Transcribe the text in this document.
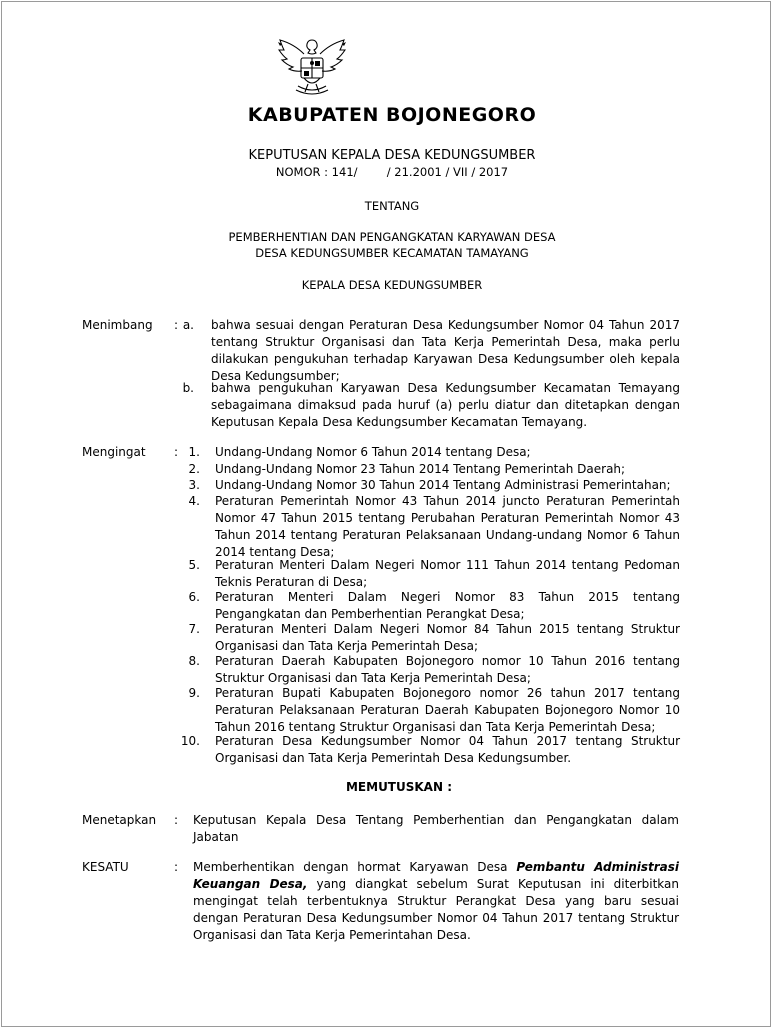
KABUPATEN BOJONEGORO
KEPUTUSAN KEPALA DESA KEDUNGSUMBER
NOMOR : 141/        / 21.2001 / VII / 2017
TENTANG
PEMBERHENTIAN DAN PENGANGKATAN KARYAWAN DESA
DESA KEDUNGSUMBER KECAMATAN TAMAYANG
KEPALA DESA KEDUNGSUMBER
Menimbang : a. bahwa sesuai dengan Peraturan Desa Kedungsumber Nomor 04 Tahun 2017 tentang Struktur Organisasi dan Tata Kerja Pemerintah Desa, maka perlu dilakukan pengukuhan terhadap Karyawan Desa Kedungsumber oleh kepala Desa Kedungsumber;
b. bahwa pengukuhan Karyawan Desa Kedungsumber Kecamatan Temayang sebagaimana dimaksud pada huruf (a) perlu diatur dan ditetapkan dengan Keputusan Kepala Desa Kedungsumber Kecamatan Temayang.
Mengingat : 1. Undang-Undang Nomor 6 Tahun 2014 tentang Desa;
2. Undang-Undang Nomor 23 Tahun 2014 Tentang Pemerintah Daerah;
3. Undang-Undang Nomor 30 Tahun 2014 Tentang Administrasi Pemerintahan;
4. Peraturan Pemerintah Nomor 43 Tahun 2014 juncto Peraturan Pemerintah Nomor 47 Tahun 2015 tentang Perubahan Peraturan Pemerintah Nomor 43 Tahun 2014 tentang Peraturan Pelaksanaan Undang-undang Nomor 6 Tahun 2014 tentang Desa;
5. Peraturan Menteri Dalam Negeri Nomor 111 Tahun 2014 tentang Pedoman Teknis Peraturan di Desa;
6. Peraturan Menteri Dalam Negeri Nomor 83 Tahun 2015 tentang Pengangkatan dan Pemberhentian Perangkat Desa;
7. Peraturan Menteri Dalam Negeri Nomor 84 Tahun 2015 tentang Struktur Organisasi dan Tata Kerja Pemerintah Desa;
8. Peraturan Daerah Kabupaten Bojonegoro nomor 10 Tahun 2016 tentang Struktur Organisasi dan Tata Kerja Pemerintah Desa;
9. Peraturan Bupati Kabupaten Bojonegoro nomor 26 tahun 2017 tentang Peraturan Pelaksanaan Peraturan Daerah Kabupaten Bojonegoro Nomor 10 Tahun 2016 tentang Struktur Organisasi dan Tata Kerja Pemerintah Desa;
10. Peraturan Desa Kedungsumber Nomor 04 Tahun 2017 tentang Struktur Organisasi dan Tata Kerja Pemerintah Desa Kedungsumber.
MEMUTUSKAN :
Menetapkan : Keputusan Kepala Desa Tentang Pemberhentian dan Pengangkatan dalam Jabatan
KESATU	: Memberhentikan dengan hormat Karyawan Desa Pembantu Administrasi Keuangan Desa, yang diangkat sebelum Surat Keputusan ini diterbitkan mengingat telah terbentuknya Struktur Perangkat Desa yang baru sesuai dengan Peraturan Desa Kedungsumber Nomor 04 Tahun 2017 tentang Struktur Organisasi dan Tata Kerja Pemerintahan Desa.
